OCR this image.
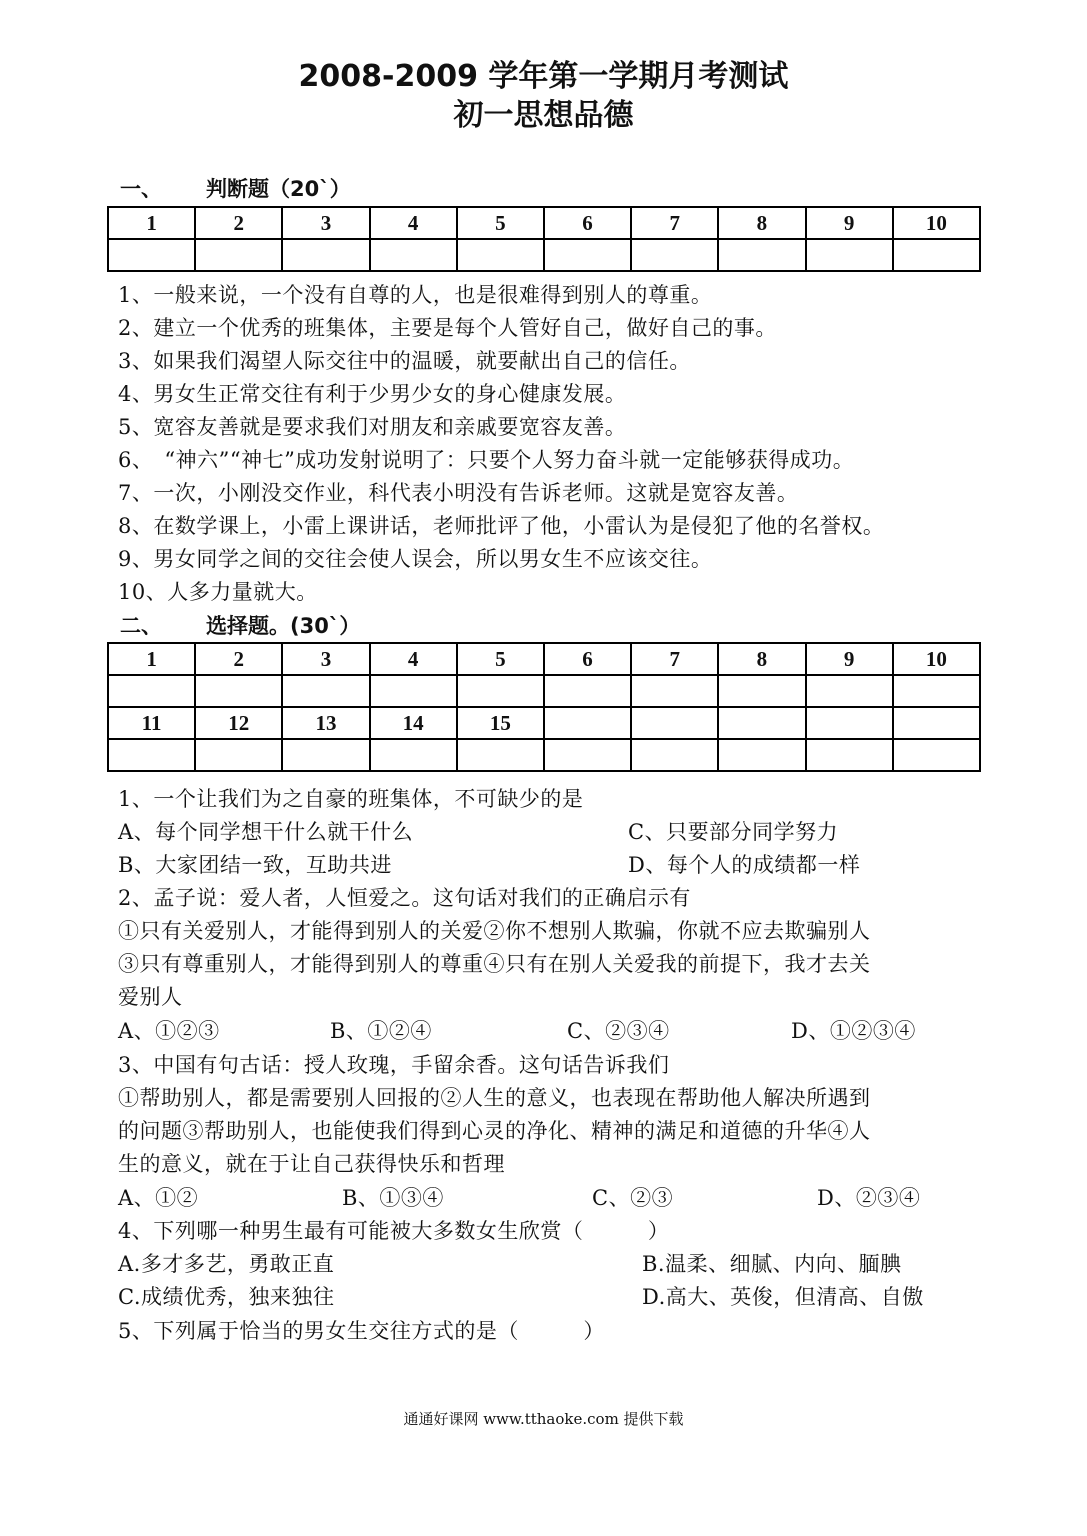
2008-2009 学年第一学期月考测试
初一思想品德
一、 判断题（20`）
1	2	3	4	5	6	7	8	9	10

1、一般来说，一个没有自尊的人，也是很难得到别人的尊重。
2、建立一个优秀的班集体，主要是每个人管好自己，做好自己的事。
3、如果我们渴望人际交往中的温暖，就要献出自己的信任。
4、男女生正常交往有利于少男少女的身心健康发展。
5、宽容友善就是要求我们对朋友和亲戚要宽容友善。
6、　“神六”“神七”成功发射说明了：只要个人努力奋斗就一定能够获得成功。
7、一次，小刚没交作业，科代表小明没有告诉老师。这就是宽容友善。
8、在数学课上，小雷上课讲话，老师批评了他，小雷认为是侵犯了他的名誉权。
9、男女同学之间的交往会使人误会，所以男女生不应该交往。
10、人多力量就大。
二、 选择题。(30`）
1	2	3	4	5	6	7	8	9	10

11	12	13	14	15					

1、一个让我们为之自豪的班集体，不可缺少的是
A、每个同学想干什么就干什么	C、只要部分同学努力
B、大家团结一致，互助共进	D、每个人的成绩都一样
2、孟子说：爱人者，人恒爱之。这句话对我们的正确启示有
①只有关爱别人，才能得到别人的关爱②你不想别人欺骗，你就不应去欺骗别人
③只有尊重别人，才能得到别人的尊重④只有在别人关爱我的前提下，我才去关
爱别人
A、①②③	B、①②④	C、②③④	D、①②③④
3、中国有句古话：授人玫瑰，手留余香。这句话告诉我们
①帮助别人，都是需要别人回报的②人生的意义，也表现在帮助他人解决所遇到
的问题③帮助别人，也能使我们得到心灵的净化、精神的满足和道德的升华④人
生的意义，就在于让自己获得快乐和哲理
A、①②	B、①③④	C、②③	D、②③④
4、下列哪一种男生最有可能被大多数女生欣赏（　　　）
A.多才多艺，勇敢正直	B.温柔、细腻、内向、腼腆
C.成绩优秀，独来独往	D.高大、英俊，但清高、自傲
5、下列属于恰当的男女生交往方式的是（　　　）
通通好课网 www.tthaoke.com 提供下载
